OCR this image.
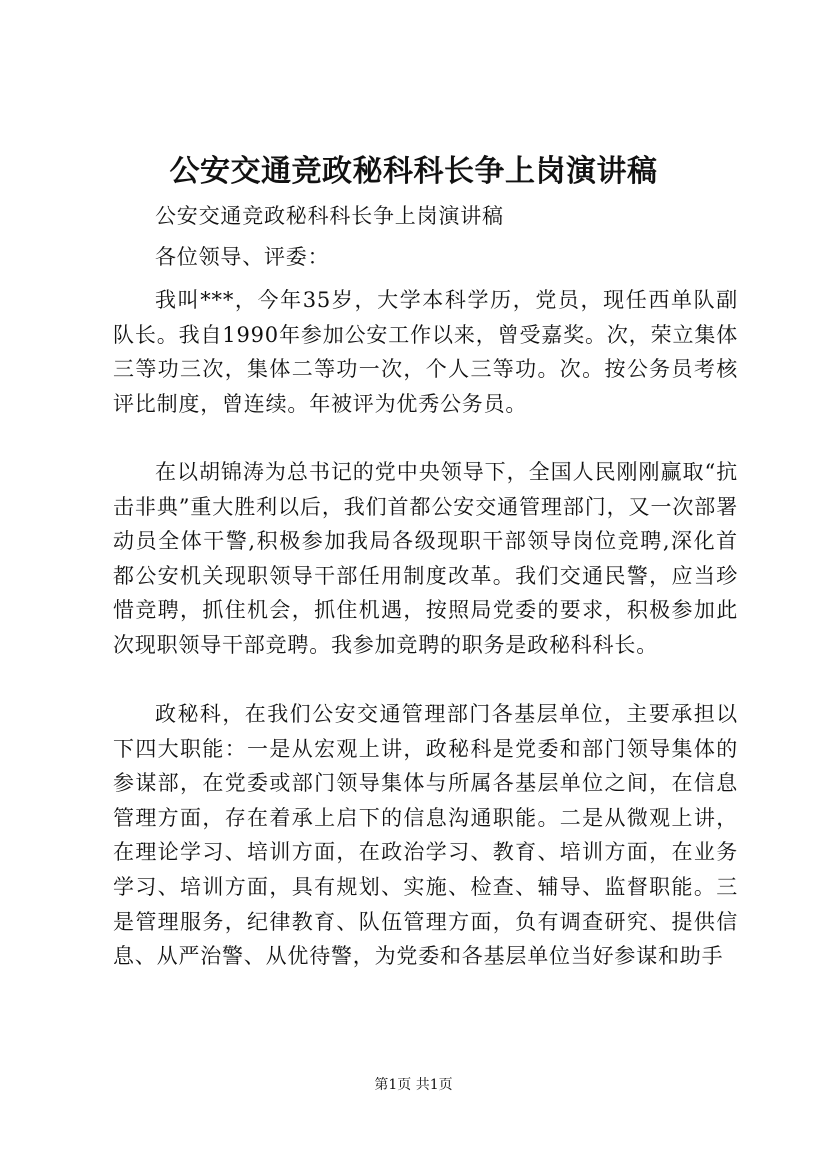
公安交通竞政秘科科长争上岗演讲稿

公安交通竞政秘科科长争上岗演讲稿

各位领导、评委：

我叫***，今年35岁，大学本科学历，党员，现任西单队副队长。我自1990年参加公安工作以来，曾受嘉奖。次，荣立集体三等功三次，集体二等功一次，个人三等功。次。按公务员考核评比制度，曾连续。年被评为优秀公务员。

在以胡锦涛为总书记的党中央领导下，全国人民刚刚赢取“抗击非典”重大胜利以后，我们首都公安交通管理部门，又一次部署动员全体干警,积极参加我局各级现职干部领导岗位竞聘,深化首都公安机关现职领导干部任用制度改革。我们交通民警，应当珍惜竞聘，抓住机会，抓住机遇，按照局党委的要求，积极参加此次现职领导干部竞聘。我参加竞聘的职务是政秘科科长。

政秘科，在我们公安交通管理部门各基层单位，主要承担以下四大职能：一是从宏观上讲，政秘科是党委和部门领导集体的参谋部，在党委或部门领导集体与所属各基层单位之间，在信息管理方面，存在着承上启下的信息沟通职能。二是从微观上讲，在理论学习、培训方面，在政治学习、教育、培训方面，在业务学习、培训方面，具有规划、实施、检查、辅导、监督职能。三是管理服务，纪律教育、队伍管理方面，负有调查研究、提供信息、从严治警、从优待警，为党委和各基层单位当好参谋和助手

第1页 共1页
